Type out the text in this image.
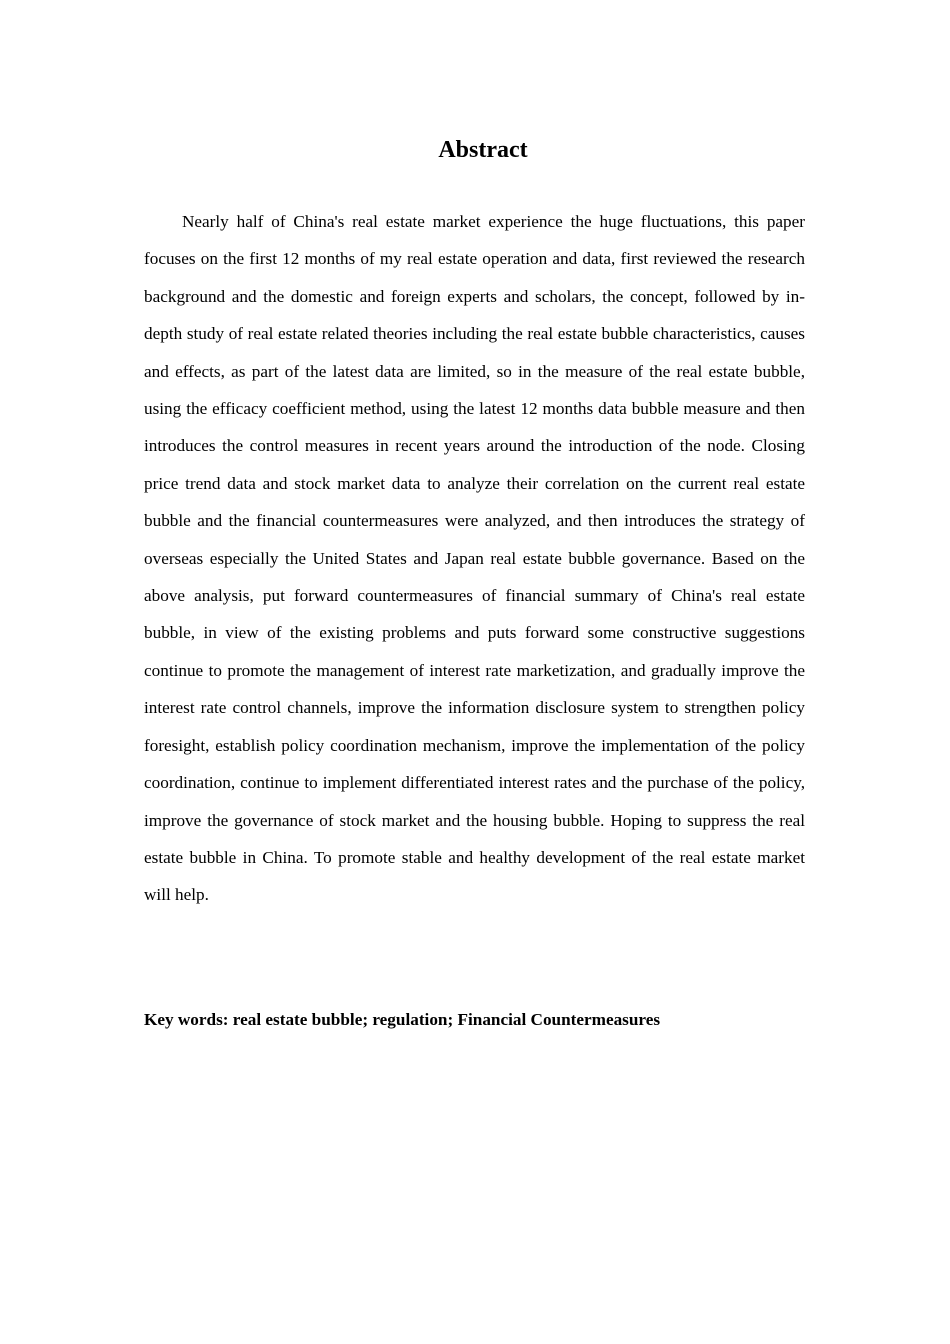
Abstract

Nearly half of China's real estate market experience the huge fluctuations, this paper focuses on the first 12 months of my real estate operation and data, first reviewed the research background and the domestic and foreign experts and scholars, the concept, followed by in-depth study of real estate related theories including the real estate bubble characteristics, causes and effects, as part of the latest data are limited, so in the measure of the real estate bubble, using the efficacy coefficient method, using the latest 12 months data bubble measure and then introduces the control measures in recent years around the introduction of the node. Closing price trend data and stock market data to analyze their correlation on the current real estate bubble and the financial countermeasures were analyzed, and then introduces the strategy of overseas especially the United States and Japan real estate bubble governance. Based on the above analysis, put forward countermeasures of financial summary of China's real estate bubble, in view of the existing problems and puts forward some constructive suggestions continue to promote the management of interest rate marketization, and gradually improve the interest rate control channels, improve the information disclosure system to strengthen policy foresight, establish policy coordination mechanism, improve the implementation of the policy coordination, continue to implement differentiated interest rates and the purchase of the policy, improve the governance of stock market and the housing bubble. Hoping to suppress the real estate bubble in China. To promote stable and healthy development of the real estate market will help.

Key words: real estate bubble; regulation; Financial Countermeasures
